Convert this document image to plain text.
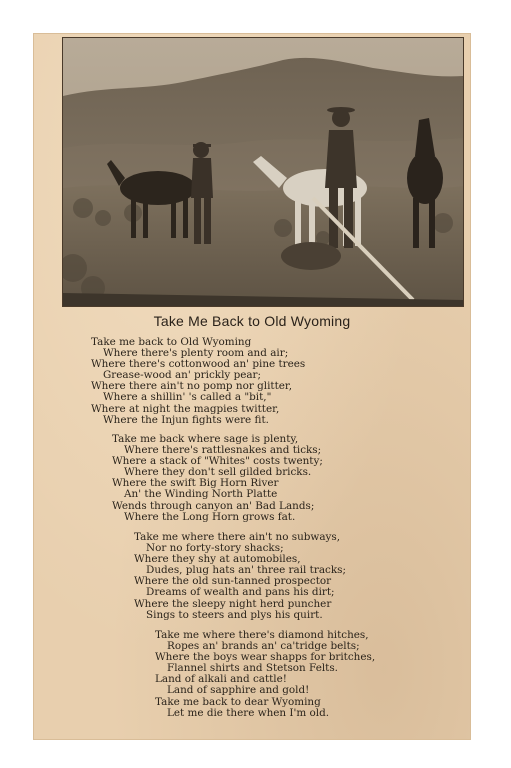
Take Me Back to Old Wyoming
Take me back to Old Wyoming
Where there's plenty room and air;
Where there's cottonwood an' pine trees
Grease-wood an' prickly pear;
Where there ain't no pomp nor glitter,
Where a shillin' 's called a "bit,"
Where at night the magpies twitter,
Where the Injun fights were fit.
Take me back where sage is plenty,
Where there's rattlesnakes and ticks;
Where a stack of "Whites" costs twenty;
Where they don't sell gilded bricks.
Where the swift Big Horn River
An' the Winding North Platte
Wends through canyon an' Bad Lands;
Where the Long Horn grows fat.
Take me where there ain't no subways,
Nor no forty-story shacks;
Where they shy at automobiles,
Dudes, plug hats an' three rail tracks;
Where the old sun-tanned prospector
Dreams of wealth and pans his dirt;
Where the sleepy night herd puncher
Sings to steers and plys his quirt.
Take me where there's diamond hitches,
Ropes an' brands an' ca'tridge belts;
Where the boys wear shapps for britches,
Flannel shirts and Stetson Felts.
Land of alkali and cattle!
Land of sapphire and gold!
Take me back to dear Wyoming
Let me die there when I'm old.
